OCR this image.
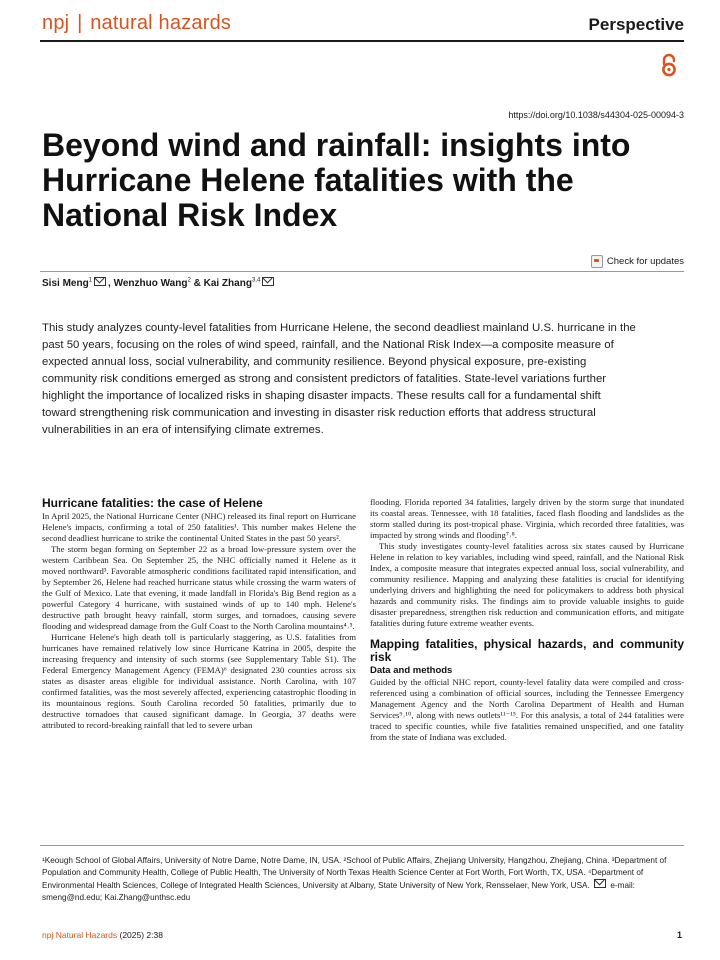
npj | natural hazards	Perspective
https://doi.org/10.1038/s44304-025-00094-3
Beyond wind and rainfall: insights into Hurricane Helene fatalities with the National Risk Index
Check for updates
Sisi Meng$^1$ , Wenzhuo Wang$^2$ & Kai Zhang$^{3,4}$
This study analyzes county-level fatalities from Hurricane Helene, the second deadliest mainland U.S. hurricane in the past 50 years, focusing on the roles of wind speed, rainfall, and the National Risk Index—a composite measure of expected annual loss, social vulnerability, and community resilience. Beyond physical exposure, pre-existing community risk conditions emerged as strong and consistent predictors of fatalities. State-level variations further highlight the importance of localized risks in shaping disaster impacts. These results call for a fundamental shift toward strengthening risk communication and investing in disaster risk reduction efforts that address structural vulnerabilities in an era of intensifying climate extremes.
Hurricane fatalities: the case of Helene

In April 2025, the National Hurricane Center (NHC) released its final report on Hurricane Helene's impacts, confirming a total of 250 fatalities¹. This number makes Helene the second deadliest hurricane to strike the continental United States in the past 50 years².

The storm began forming on September 22 as a broad low-pressure system over the western Caribbean Sea. On September 25, the NHC officially named it Helene as it moved northward³. Favorable atmospheric conditions facilitated rapid intensification, and by September 26, Helene had reached hurricane status while crossing the warm waters of the Gulf of Mexico. Late that evening, it made landfall in Florida's Big Bend region as a powerful Category 4 hurricane, with sustained winds of up to 140 mph. Helene's destructive path brought heavy rainfall, storm surges, and tornadoes, causing severe flooding and widespread damage from the Gulf Coast to the North Carolina mountains⁴˒⁵.

Hurricane Helene's high death toll is particularly staggering, as U.S. fatalities from hurricanes have remained relatively low since Hurricane Katrina in 2005, despite the increasing frequency and intensity of such storms (see Supplementary Table S1). The Federal Emergency Management Agency (FEMA)⁶ designated 230 counties across six states as disaster areas eligible for individual assistance. North Carolina, with 107 confirmed fatalities, was the most severely affected, experiencing catastrophic flooding in its mountainous regions. South Carolina recorded 50 fatalities, primarily due to destructive tornadoes that caused significant damage. In Georgia, 37 deaths were attributed to record-breaking rainfall that led to severe urban

flooding. Florida reported 34 fatalities, largely driven by the storm surge that inundated its coastal areas. Tennessee, with 18 fatalities, faced flash flooding and landslides as the storm stalled during its post-tropical phase. Virginia, which recorded three fatalities, was impacted by strong winds and flooding⁷˒⁸.

This study investigates county-level fatalities across six states caused by Hurricane Helene in relation to key variables, including wind speed, rainfall, and the National Risk Index, a composite measure that integrates expected annual loss, social vulnerability, and community resilience. Mapping and analyzing these fatalities is crucial for identifying underlying drivers and highlighting the need for policymakers to address both physical hazards and community risks. The findings aim to provide valuable insights to guide disaster preparedness, strengthen risk reduction and communication efforts, and mitigate fatalities during future extreme weather events.

Mapping fatalities, physical hazards, and community risk
Data and methods

Guided by the official NHC report, county-level fatality data were compiled and cross-referenced using a combination of official sources, including the Tennessee Emergency Management Agency and the North Carolina Department of Health and Human Services⁹˒¹⁰, along with news outlets¹¹⁻¹⁵. For this analysis, a total of 244 fatalities were traced to specific counties, while five fatalities remained unspecified, and one fatality from the state of Indiana was excluded.

¹Keough School of Global Affairs, University of Notre Dame, Notre Dame, IN, USA. ²School of Public Affairs, Zhejiang University, Hangzhou, Zhejiang, China. ³Department of Population and Community Health, College of Public Health, The University of North Texas Health Science Center at Fort Worth, Fort Worth, TX, USA. ⁴Department of Environmental Health Sciences, College of Integrated Health Sciences, University at Albany, State University of New York, Rensselaer, New York, USA.	e-mail: smeng@nd.edu; Kai.Zhang@unthsc.edu
npj Natural Hazards (2025) 2:38	1
